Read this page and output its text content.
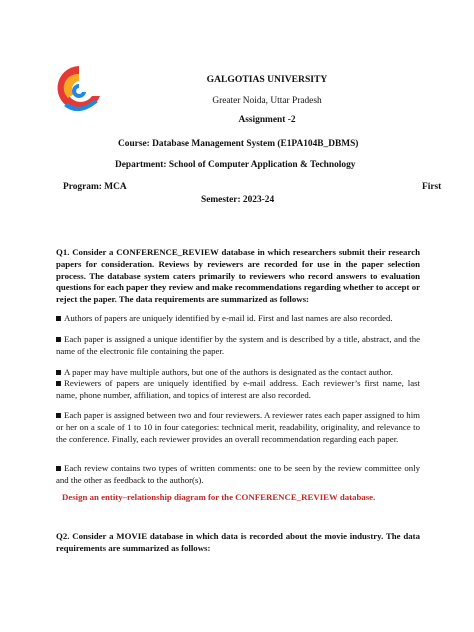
GALGOTIAS UNIVERSITY
Greater Noida, Uttar Pradesh
Assignment -2
Course: Database Management System (E1PA104B_DBMS)
Department: School of Computer Application & Technology
Program: MCA	First
Semester: 2023-24
Q1. Consider a CONFERENCE_REVIEW database in which researchers submit their research papers for consideration. Reviews by reviewers are recorded for use in the paper selection process. The database system caters primarily to reviewers who record answers to evaluation questions for each paper they review and make recommendations regarding whether to accept or reject the paper. The data requirements are summarized as follows:
Authors of papers are uniquely identified by e-mail id. First and last names are also recorded.
Each paper is assigned a unique identifier by the system and is described by a title, abstract, and the name of the electronic file containing the paper.
A paper may have multiple authors, but one of the authors is designated as the contact author.
Reviewers of papers are uniquely identified by e-mail address. Each reviewer’s first name, last name, phone number, affiliation, and topics of interest are also recorded.
Each paper is assigned between two and four reviewers. A reviewer rates each paper assigned to him or her on a scale of 1 to 10 in four categories: technical merit, readability, originality, and relevance to the conference. Finally, each reviewer provides an overall recommendation regarding each paper.
Each review contains two types of written comments: one to be seen by the review committee only and the other as feedback to the author(s).
Design an entity–relationship diagram for the CONFERENCE_REVIEW database.
Q2. Consider a MOVIE database in which data is recorded about the movie industry. The data requirements are summarized as follows:
